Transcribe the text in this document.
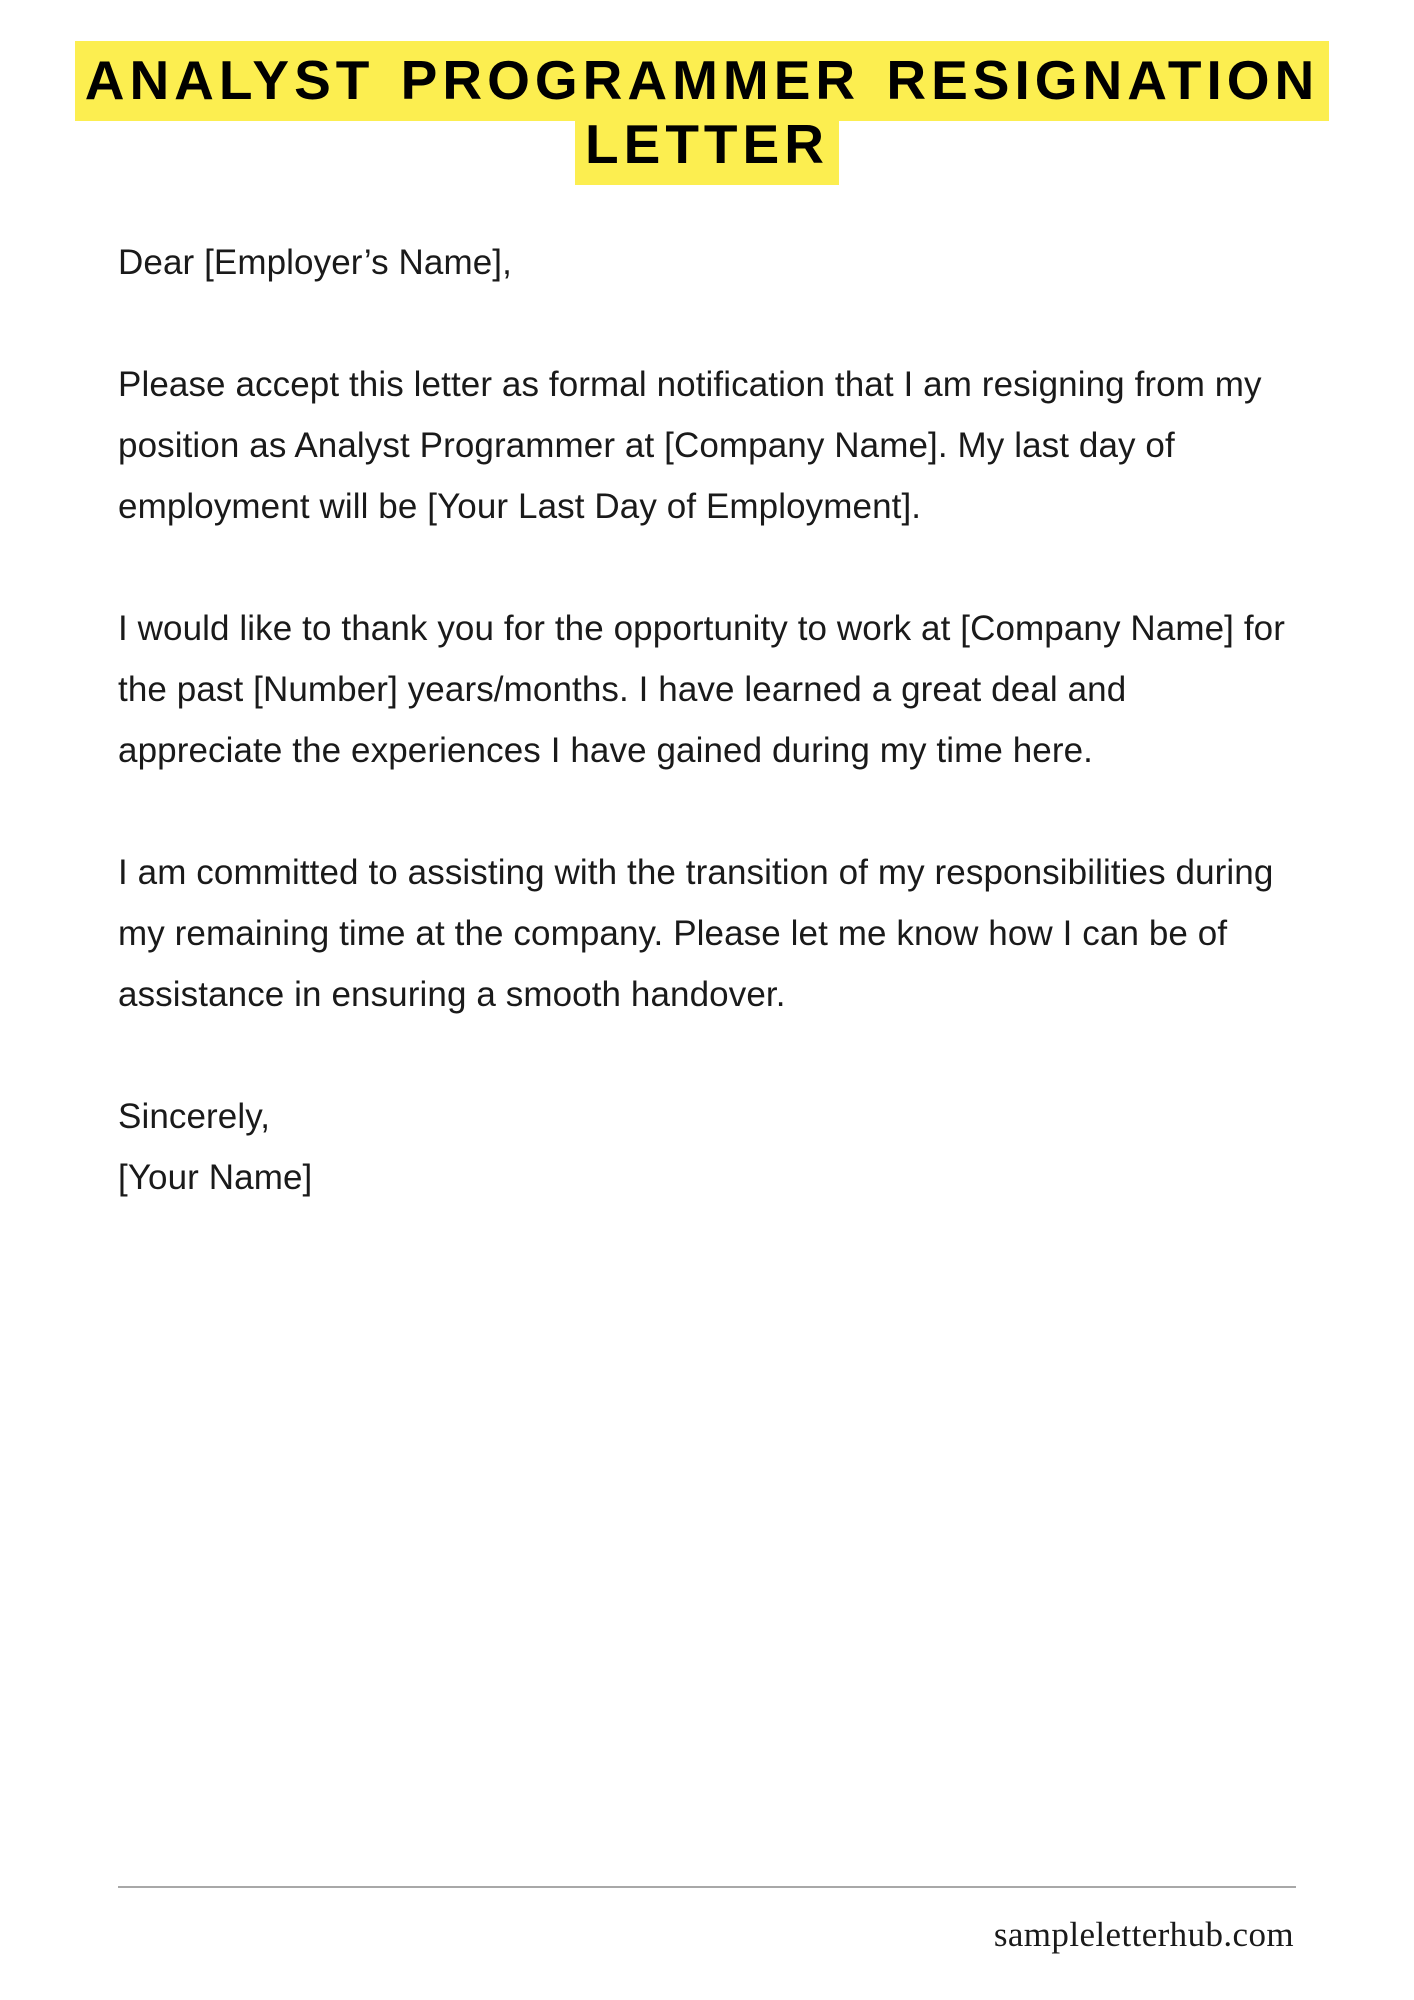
ANALYST PROGRAMMER RESIGNATION LETTER

Dear [Employer’s Name],

Please accept this letter as formal notification that I am resigning from my position as Analyst Programmer at [Company Name]. My last day of employment will be [Your Last Day of Employment].

I would like to thank you for the opportunity to work at [Company Name] for the past [Number] years/months. I have learned a great deal and appreciate the experiences I have gained during my time here.

I am committed to assisting with the transition of my responsibilities during my remaining time at the company. Please let me know how I can be of assistance in ensuring a smooth handover.

Sincerely,

[Your Name]

sampleletterhub.com
